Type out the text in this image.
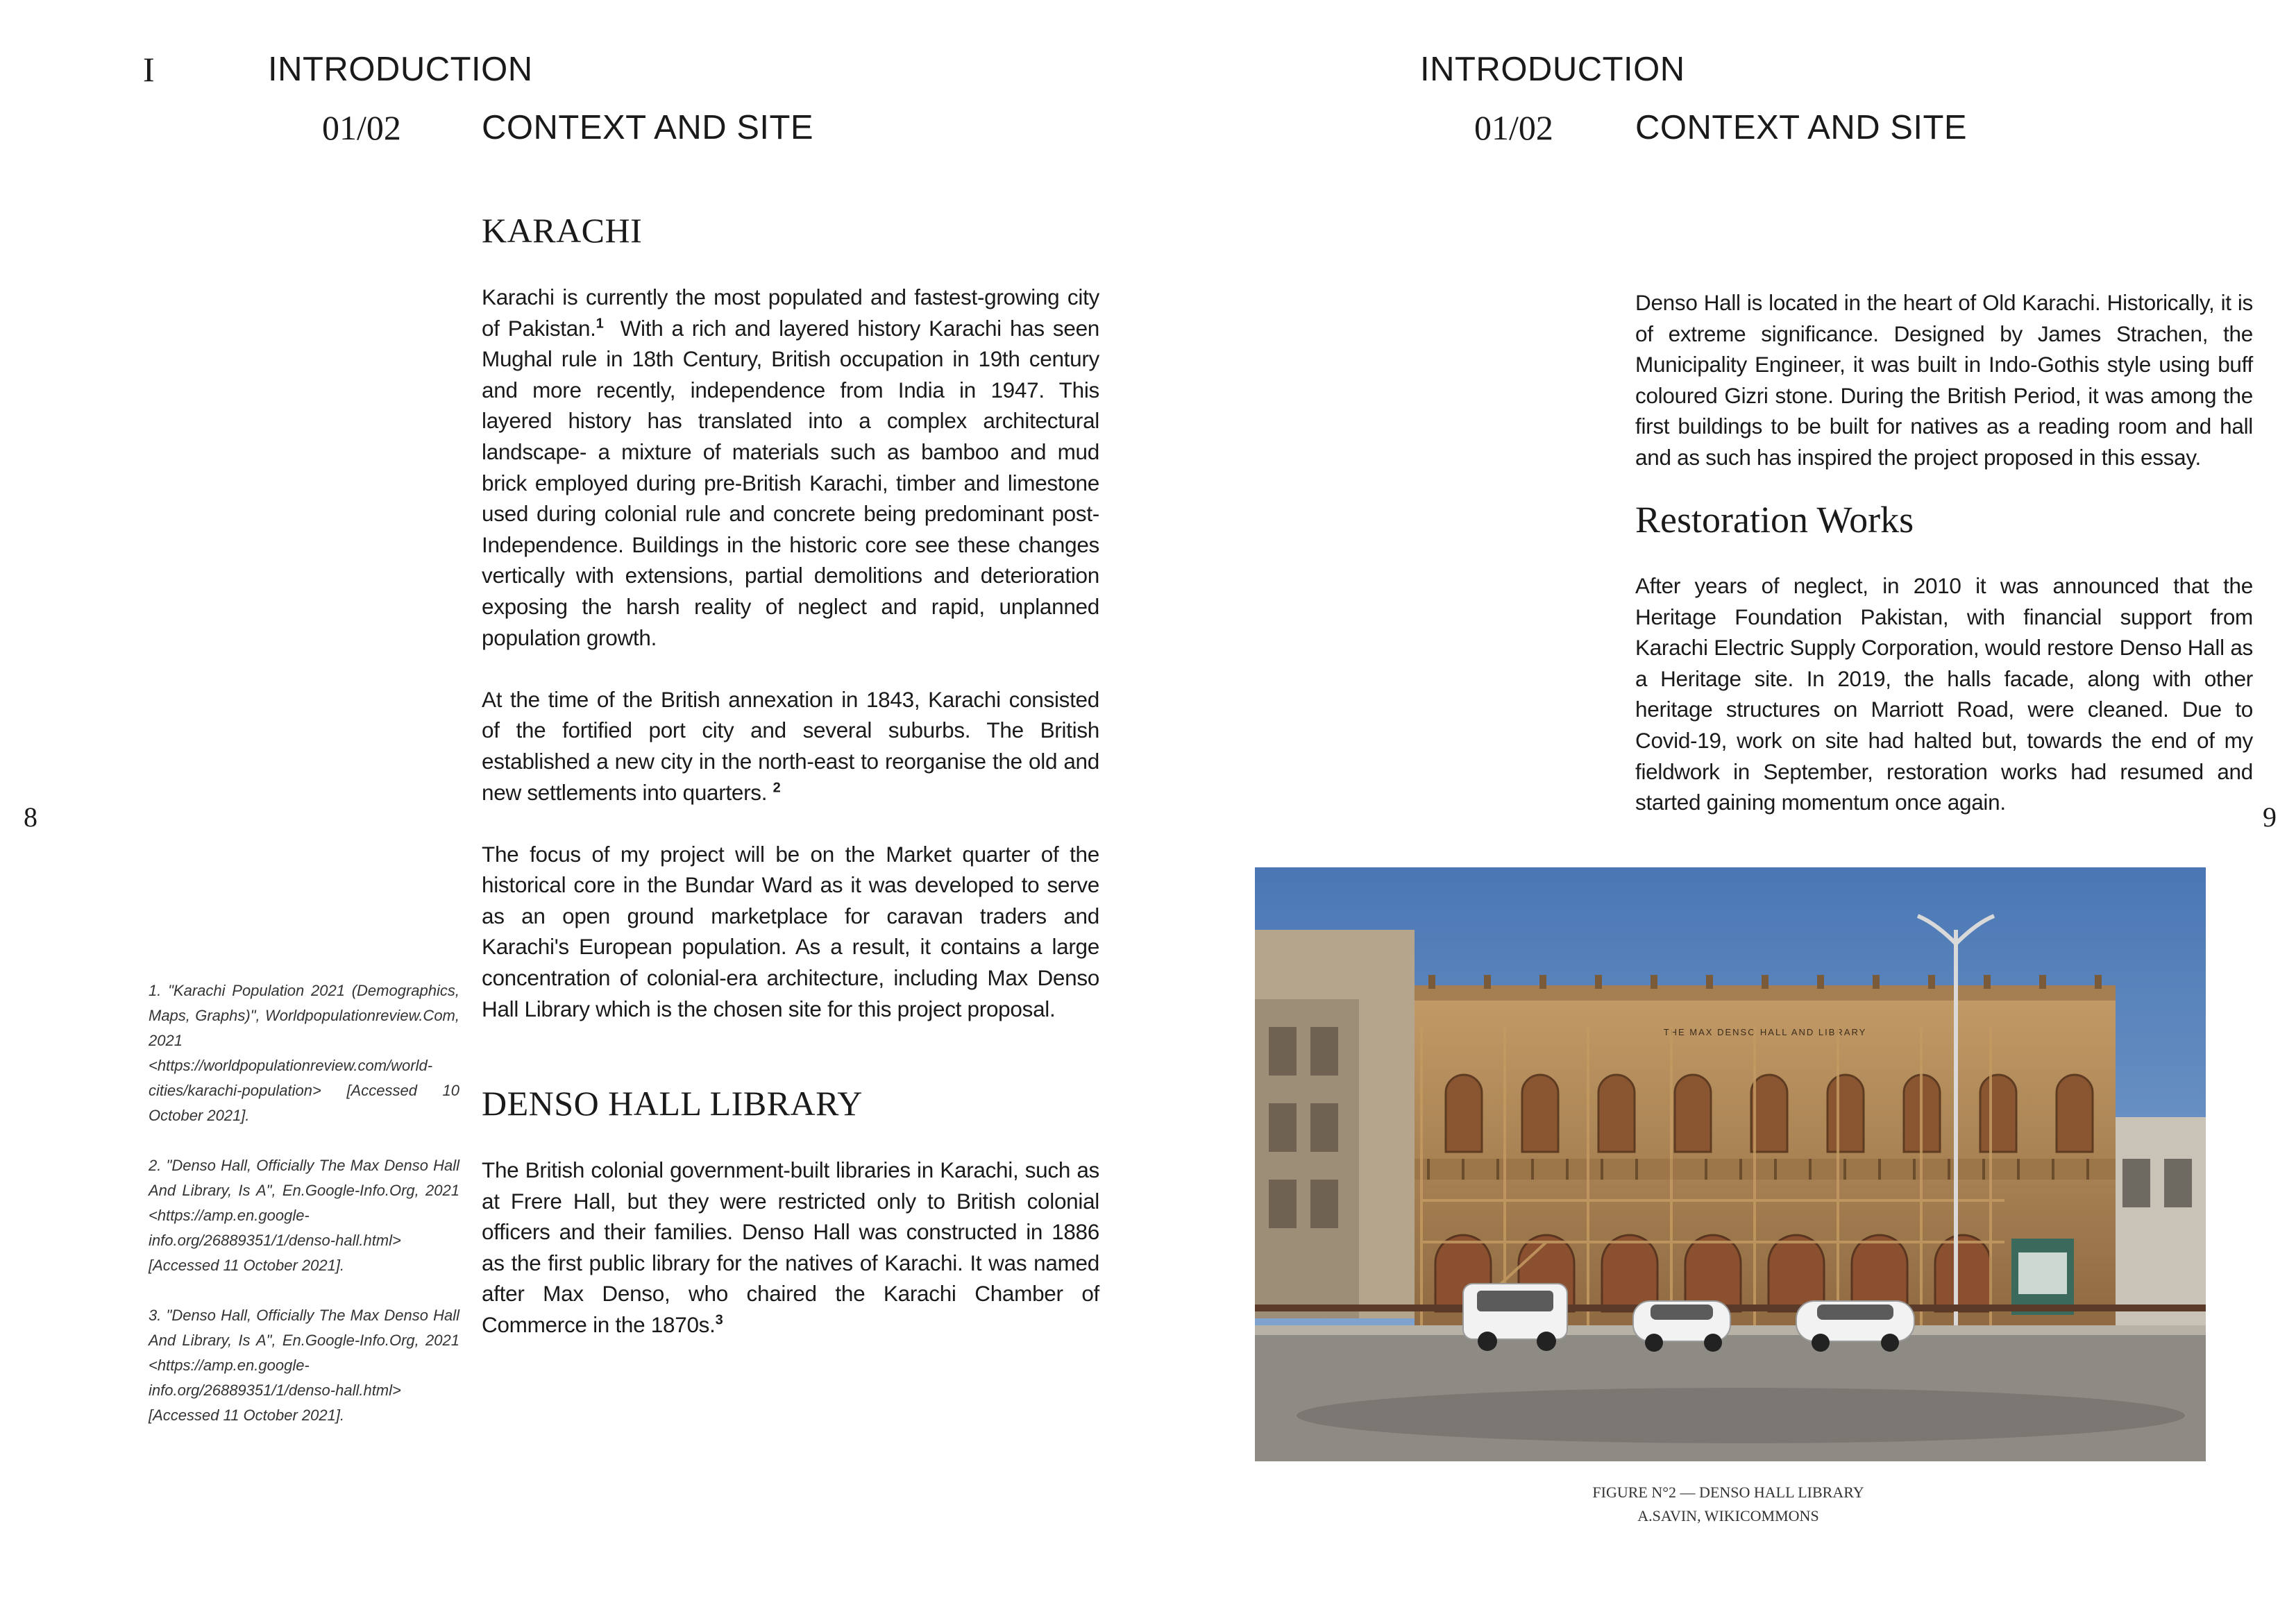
I	INTRODUCTION
01/02 CONTEXT AND SITE
KARACHI

Karachi is currently the most populated and fastest-growing city of Pakistan.$^1$ With a rich and layered history Karachi has seen Mughal rule in 18th Century, British occupation in 19th century and more recently, independence from India in 1947. This layered history has translated into a complex architectural landscape- a mixture of materials such as bamboo and mud brick employed during pre-British Karachi, timber and limestone used during colonial rule and concrete being predominant post-Independence. Buildings in the historic core see these changes vertically with extensions, partial demolitions and deterioration exposing the harsh reality of neglect and rapid, unplanned population growth.

At the time of the British annexation in 1843, Karachi consisted of the fortified port city and several suburbs. The British established a new city in the north-east to reorganise the old and new settlements into quarters. $^2$

The focus of my project will be on the Market quarter of the historical core in the Bundar Ward as it was developed to serve as an open ground marketplace for caravan traders and Karachi's European population. As a result, it contains a large concentration of colonial-era architecture, including Max Denso Hall Library which is the chosen site for this project proposal.

DENSO HALL LIBRARY

The British colonial government-built libraries in Karachi, such as at Frere Hall, but they were restricted only to British colonial officers and their families. Denso Hall was constructed in 1886 as the first public library for the natives of Karachi. It was named after Max Denso, who chaired the Karachi Chamber of Commerce in the 1870s.$^3$

8

1. "Karachi Population 2021 (Demographics, Maps, Graphs)", Worldpopulationreview.Com, 2021 <https://worldpopulationreview.com/world-cities/karachi-population> [Accessed 10 October 2021].

2. "Denso Hall, Officially The Max Denso Hall And Library, Is A", En.Google-Info.Org, 2021 <https://amp.en.google-info.org/26889351/1/denso-hall.html> [Accessed 11 October 2021].

3. "Denso Hall, Officially The Max Denso Hall And Library, Is A", En.Google-Info.Org, 2021 <https://amp.en.google-info.org/26889351/1/denso-hall.html> [Accessed 11 October 2021].

INTRODUCTION
01/02 CONTEXT AND SITE

Denso Hall is located in the heart of Old Karachi. Historically, it is of extreme significance. Designed by James Strachen, the Municipality Engineer, it was built in Indo-Gothis style using buff coloured Gizri stone. During the British Period, it was among the first buildings to be built for natives as a reading room and hall and as such has inspired the project proposed in this essay.

Restoration Works

After years of neglect, in 2010 it was announced that the Heritage Foundation Pakistan, with financial support from Karachi Electric Supply Corporation, would restore Denso Hall as a Heritage site. In 2019, the halls facade, along with other heritage structures on Marriott Road, were cleaned. Due to Covid-19, work on site had halted but, towards the end of my fieldwork in September, restoration works had resumed and started gaining momentum once again.	9
THE MAX DENSO HALL AND LIBRARY
FIGURE N°2 — DENSO HALL LIBRARY
A.SAVIN, WIKICOMMONS
